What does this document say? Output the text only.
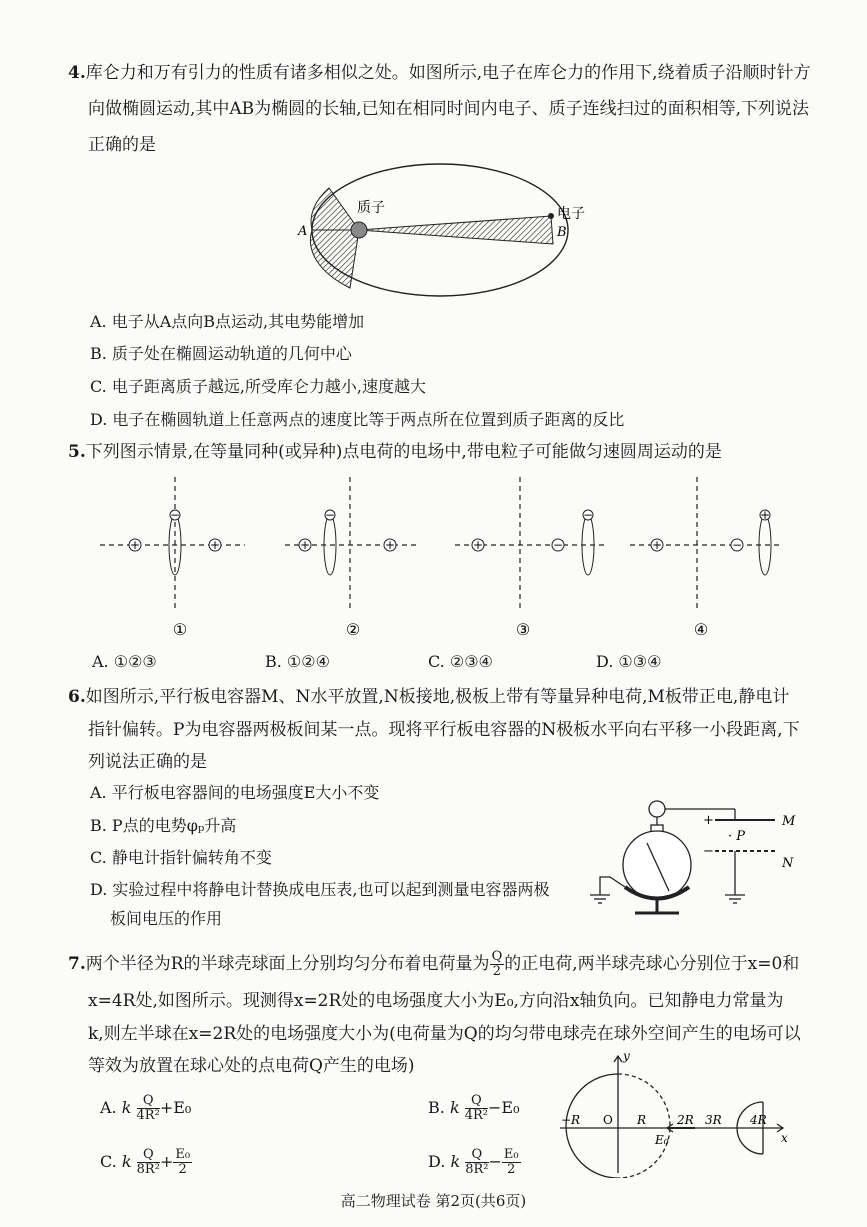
4.库仑力和万有引力的性质有诸多相似之处。如图所示,电子在库仑力的作用下,绕着质子沿顺时针方
向做椭圆运动,其中AB为椭圆的长轴,已知在相同时间内电子、质子连线扫过的面积相等,下列说法
正确的是
质子	电子
A	B
A. 电子从A点向B点运动,其电势能增加
B. 质子处在椭圆运动轨道的几何中心
C. 电子距离质子越远,所受库仑力越小,速度越大
D. 电子在椭圆轨道上任意两点的速度比等于两点所在位置到质子距离的反比
5.下列图示情景,在等量同种(或异种)点电荷的电场中,带电粒子可能做匀速圆周运动的是
+	+
−
+	+
−
+	−
−
+	−
+
①	②	③	④
A. ①②③	B. ①②④	C. ②③④	D. ①③④
6.如图所示,平行板电容器M、N水平放置,N板接地,极板上带有等量异种电荷,M板带正电,静电计
指针偏转。P为电容器两极板间某一点。现将平行板电容器的N极板水平向右平移一小段距离,下
列说法正确的是
A. 平行板电容器间的电场强度E大小不变
B. P点的电势φₚ升高
C. 静电计指针偏转角不变
D. 实验过程中将静电计替换成电压表,也可以起到测量电容器两极
板间电压的作用
+
−
M
N
· P
7.两个半径为R的半球壳球面上分别均匀分布着电荷量为 $\frac{Q}{2}$ 的正电荷,两半球壳球心分别位于x=0和
x=4R处,如图所示。现测得x=2R处的电场强度大小为E₀,方向沿x轴负向。已知静电力常量为
k,则左半球在x=2R处的电场强度大小为(电荷量为Q的均匀带电球壳在球外空间产生的电场可以
等效为放置在球心处的点电荷Q产生的电场)
A. k $\frac{Q}{\text{4R²}} +E_0$	B. k $\frac{Q}{\text{4R²}} -E_0$
C. k $\frac{Q}{\text{8R²}} + \frac{\text{E₀}}{2}$	D. k $\frac{Q}{\text{8R²}} - \frac{\text{E₀}}{2}$
−R O R	2R 3R 4R
E₀
y
x
高二物理试卷 第2页(共6页)
